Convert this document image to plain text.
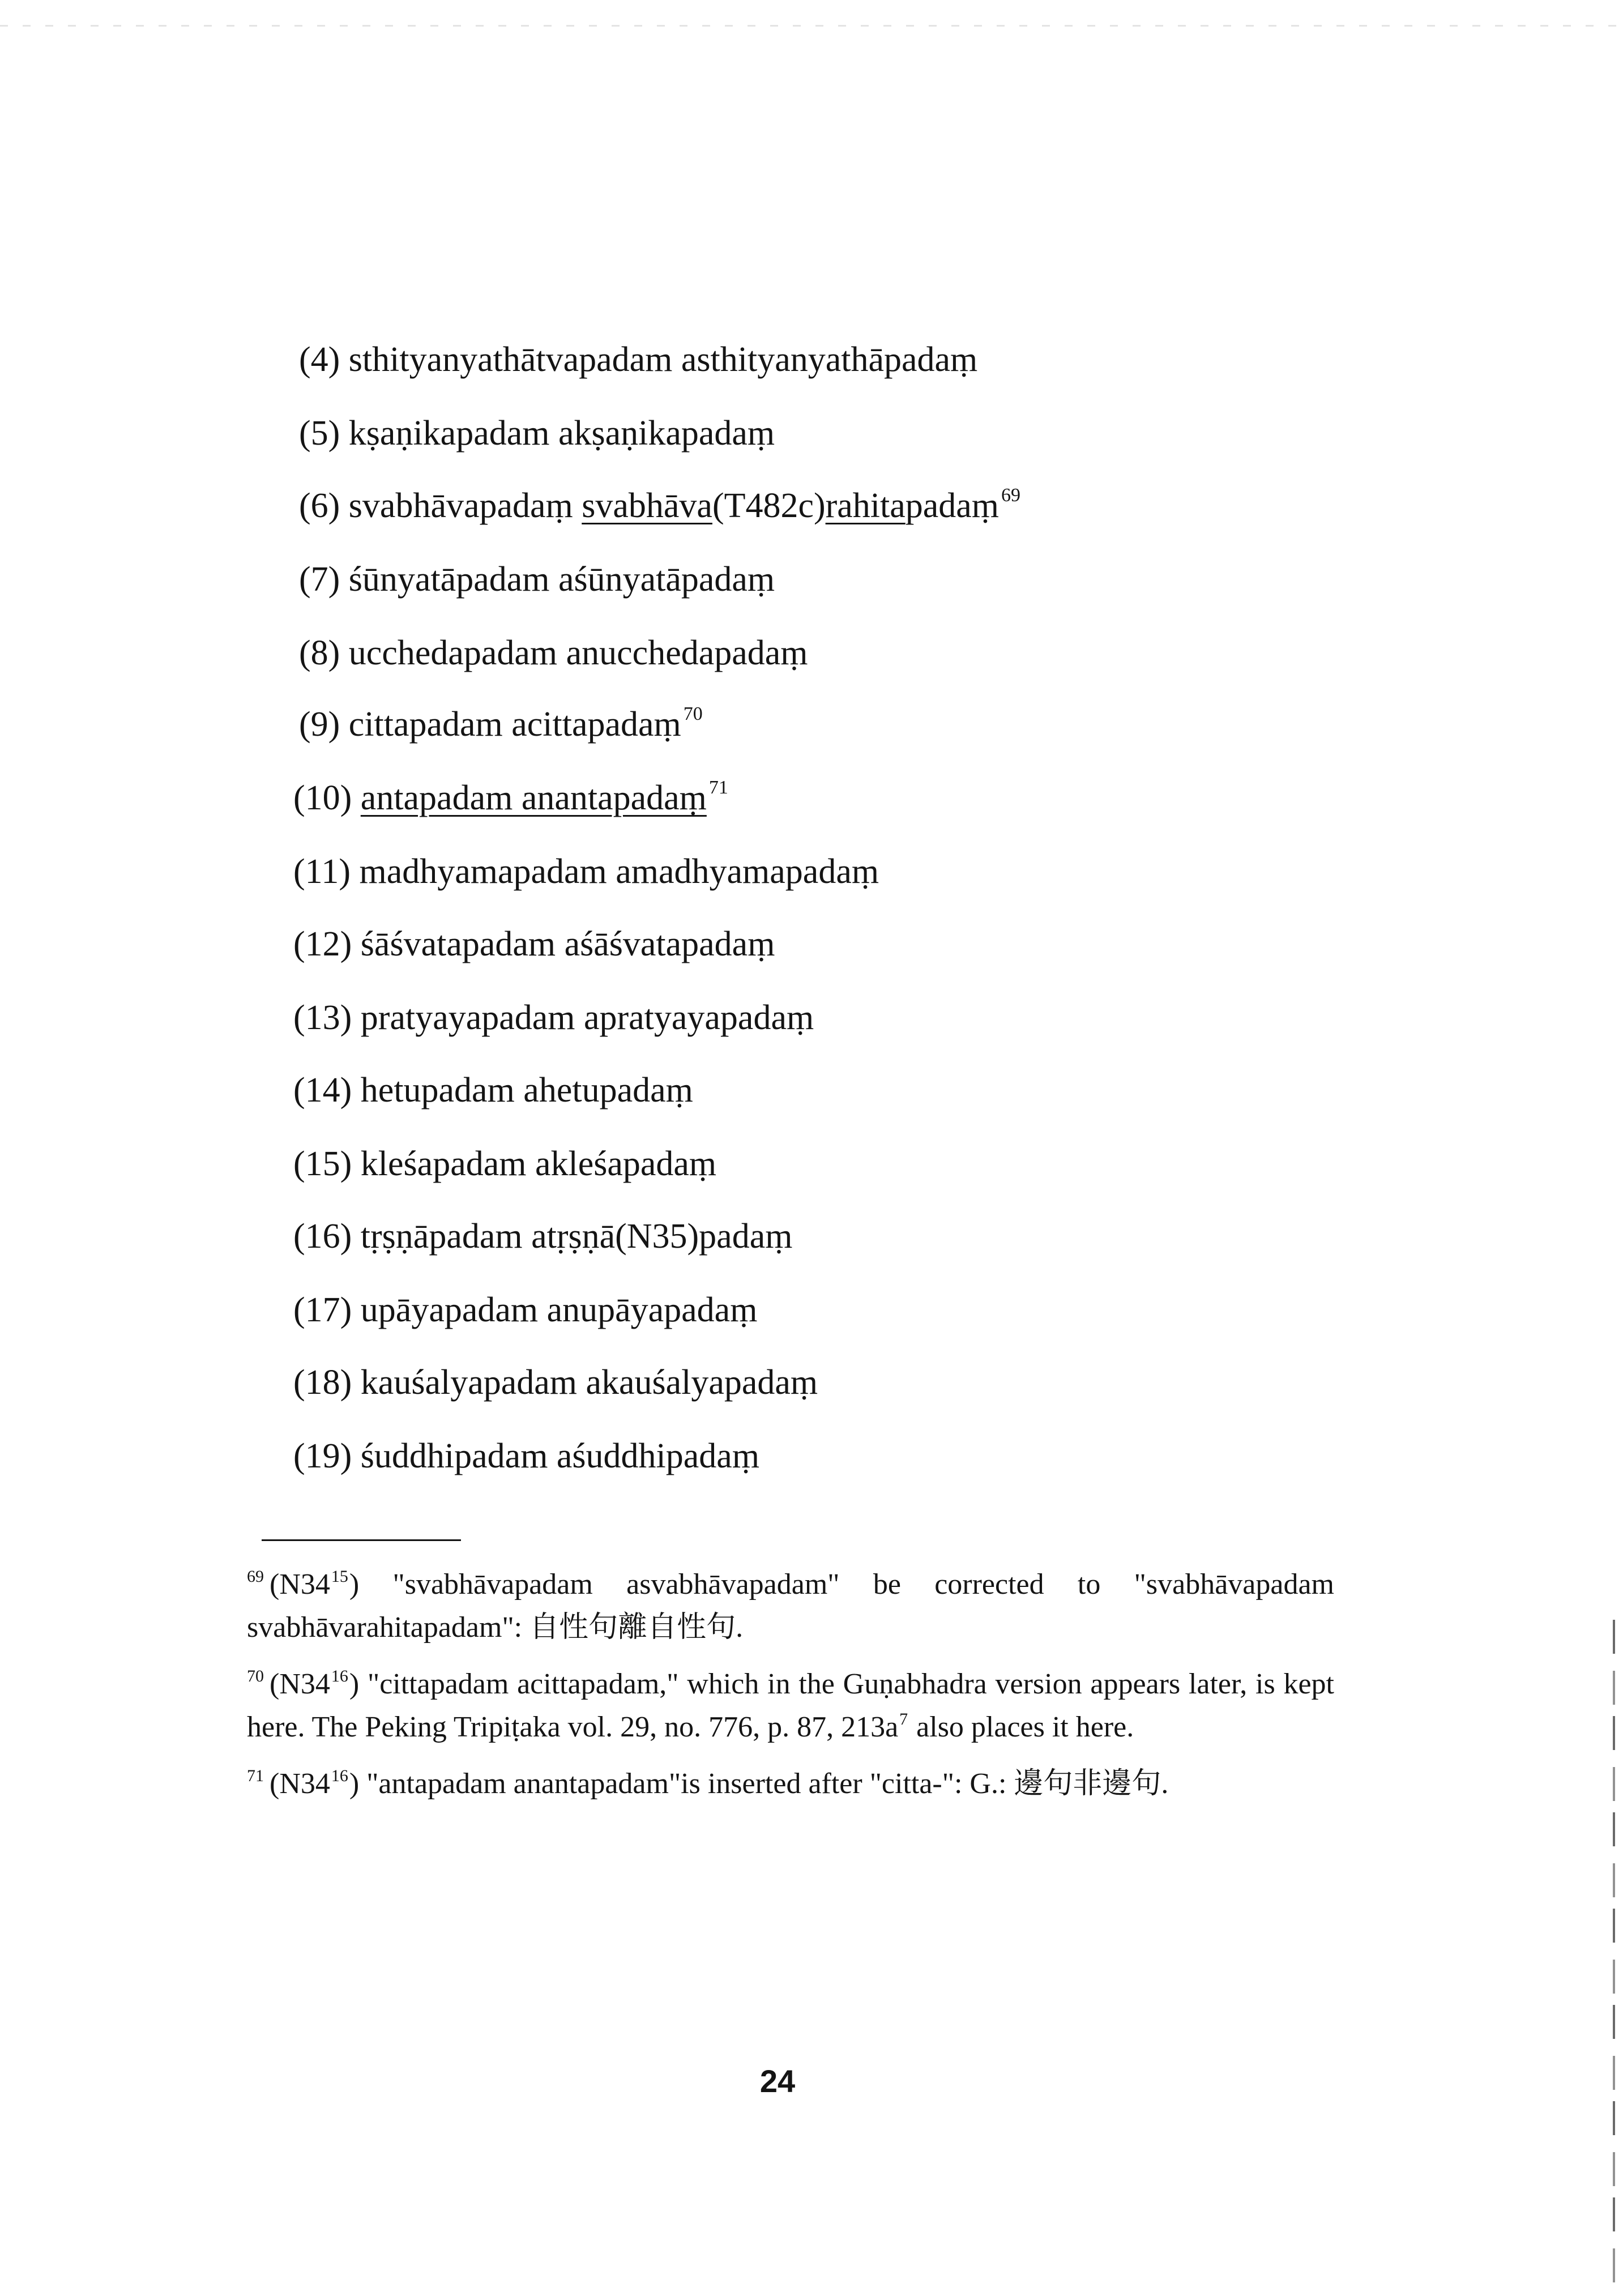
(4) sthityanyathātvapadam asthityanyathāpadaṃ
(5) kṣaṇikapadam akṣaṇikapadaṃ
(6) svabhāvapadaṃ svabhāva(T482c)rahitapadaṃ $^{69}$
(7) śūnyatāpadam aśūnyatāpadaṃ
(8) ucchedapadam anucchedapadaṃ
(9) cittapadam acittapadaṃ $^{70}$
(10) antapadam anantapadaṃ $^{71}$
(11) madhyamapadam amadhyamapadaṃ
(12) śāśvatapadam aśāśvatapadaṃ
(13) pratyayapadam apratyayapadaṃ
(14) hetupadam ahetupadaṃ
(15) kleśapadam akleśapadaṃ
(16) tṛṣṇāpadam atṛṣṇā(N35)padaṃ
(17) upāyapadam anupāyapadaṃ
(18) kauśalyapadam akauśalyapadaṃ
(19) śuddhipadam aśuddhipadaṃ

$^{69}$ $(N34^{15})$ "svabhāvapadam asvabhāvapadam" be corrected to "svabhāvapadam svabhāvarahitapadam": 自性句離自性句.

$^{70}$ $(N34^{16})$ "cittapadam acittapadam," which in the Guṇabhadra version appears later, is kept here. The Peking Tripiṭaka vol. 29, no. 776, p. 87, $213a^7$ also places it here.

$^{71}$ $(N34^{16})$ "antapadam anantapadam"is inserted after "citta-": G.: 邊句非邊句.

24
